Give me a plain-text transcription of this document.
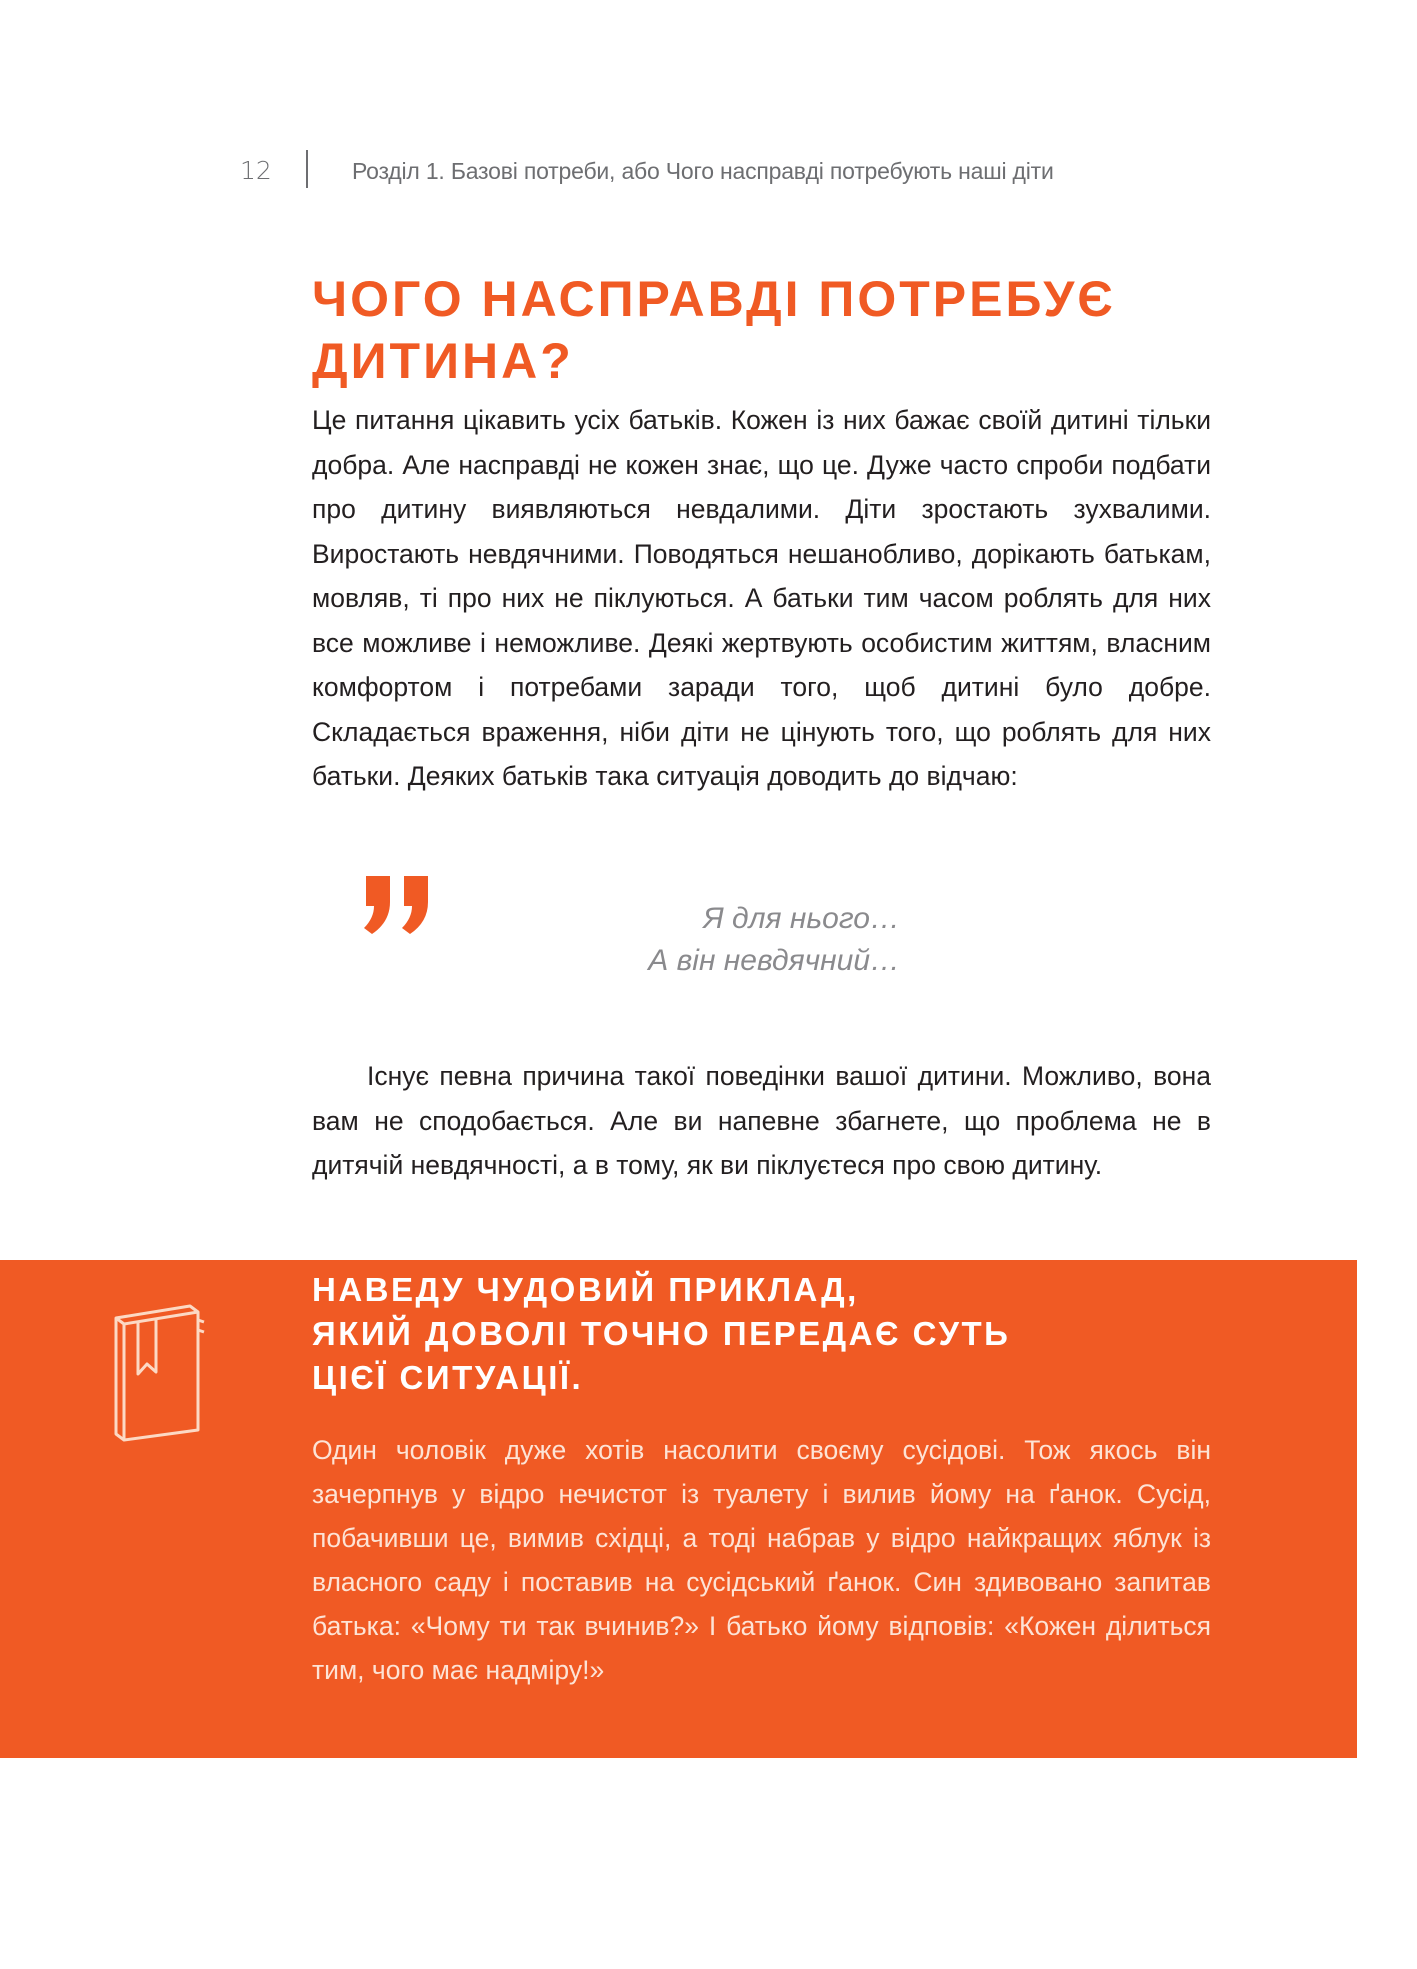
12	Розділ 1. Базові потреби, або Чого насправді потребують наші діти
ЧОГО НАСПРАВДІ ПОТРЕБУЄ ДИТИНА?

Це питання цікавить усіх батьків. Кожен із них бажає своїй дитині тільки добра. Але насправді не кожен знає, що це. Дуже часто спроби подбати про дитину виявляються невдалими. Діти зростають зухвалими. Виростають невдячними. Поводяться нешанобливо, дорікають батькам, мовляв, ті про них не піклуються. А батьки тим часом роблять для них все можливе і неможливе. Деякі жертвують особистим життям, власним комфортом і потребами заради того, щоб дитині було добре. Складається враження, ніби діти не цінують того, що роблять для них батьки. Деяких батьків така ситуація доводить до відчаю:

Я для нього…
А він невдячний…

Існує певна причина такої поведінки вашої дитини. Можливо, вона вам не сподобається. Але ви напевне збагнете, що проблема не в дитячій невдячності, а в тому, як ви піклуєтеся про свою дитину.

НАВЕДУ ЧУДОВИЙ ПРИКЛАД,
ЯКИЙ ДОВОЛІ ТОЧНО ПЕРЕДАЄ СУТЬ
ЦІЄЇ СИТУАЦІЇ.

Один чоловік дуже хотів насолити своєму сусідові. Тож якось він зачерпнув у відро нечистот із туалету і вилив йому на ґанок. Сусід, побачивши це, вимив східці, а тоді набрав у відро найкращих яблук із власного саду і поставив на сусідський ґанок. Син здивовано запитав батька: «Чому ти так вчинив?» І батько йому відповів: «Кожен ділиться тим, чого має надміру!»
